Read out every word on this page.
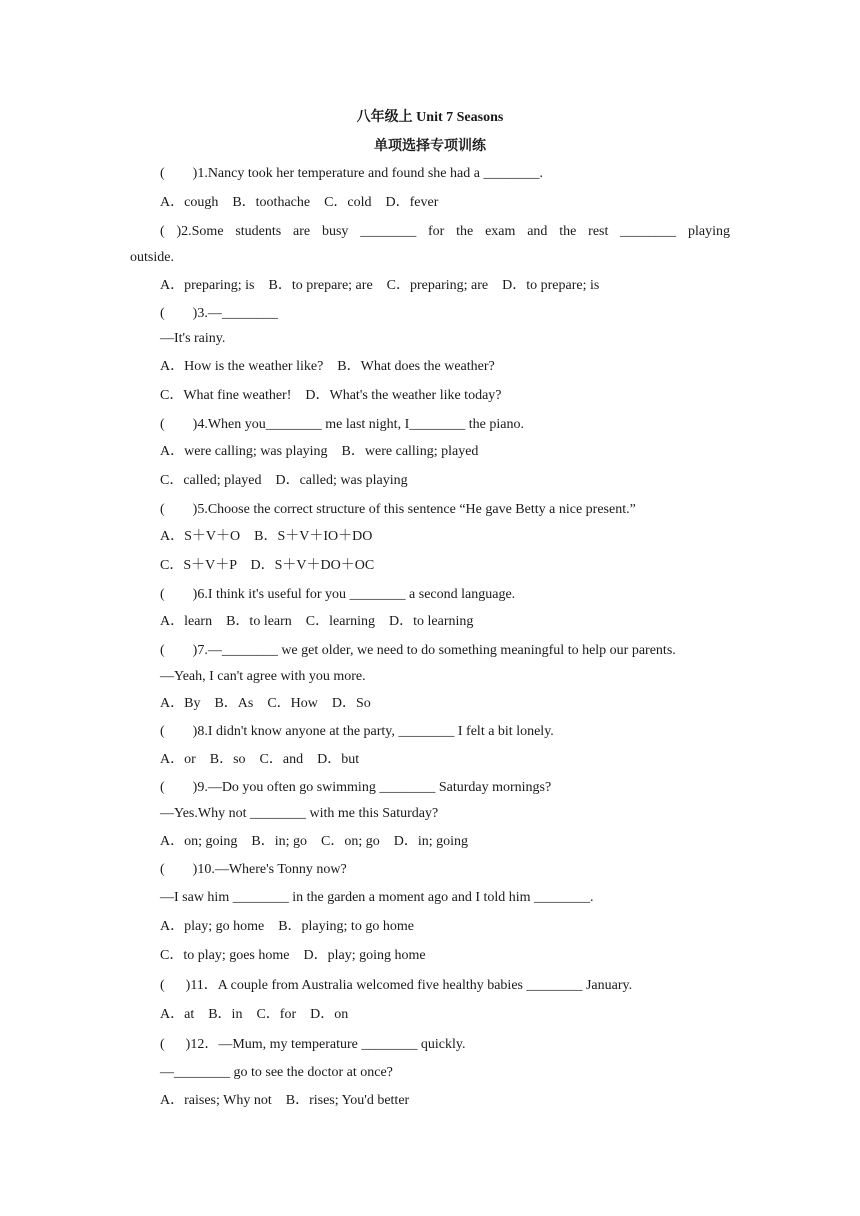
八年级上 Unit 7 Seasons
单项选择专项训练
(        )1.Nancy took her temperature and found she had a ________.
A．cough    B．toothache    C．cold    D．fever
( )2.Some students are busy ________ for the exam and the rest ________ playing
outside.
A．preparing; is    B．to prepare; are    C．preparing; are    D．to prepare; is
(        )3.—________
—It's rainy.
A．How is the weather like?    B．What does the weather?
C．What fine weather!    D．What's the weather like today?
(        )4.When you________ me last night, I________ the piano.
A．were calling; was playing    B．were calling; played
C．called; played    D．called; was playing
(        )5.Choose the correct structure of this sentence “He gave Betty a nice present.”
A．S＋V＋O    B．S＋V＋IO＋DO
C．S＋V＋P    D．S＋V＋DO＋OC
(        )6.I think it's useful for you ________ a second language.
A．learn    B．to learn    C．learning    D．to learning
(        )7.—________ we get older, we need to do something meaningful to help our parents.
—Yeah, I can't agree with you more.
A．By    B．As    C．How    D．So
(        )8.I didn't know anyone at the party, ________ I felt a bit lonely.
A．or    B．so    C．and    D．but
(        )9.—Do you often go swimming ________ Saturday mornings?
—Yes.Why not ________ with me this Saturday?
A．on; going    B．in; go    C．on; go    D．in; going
(        )10.—Where's Tonny now?
—I saw him ________ in the garden a moment ago and I told him ________.
A．play; go home    B．playing; to go home
C．to play; goes home    D．play; going home
(      )11．A couple from Australia welcomed five healthy babies ________ January.
A．at    B．in    C．for    D．on
(      )12．—Mum, my temperature ________ quickly.
—________ go to see the doctor at once?
A．raises; Why not    B．rises; You'd better
